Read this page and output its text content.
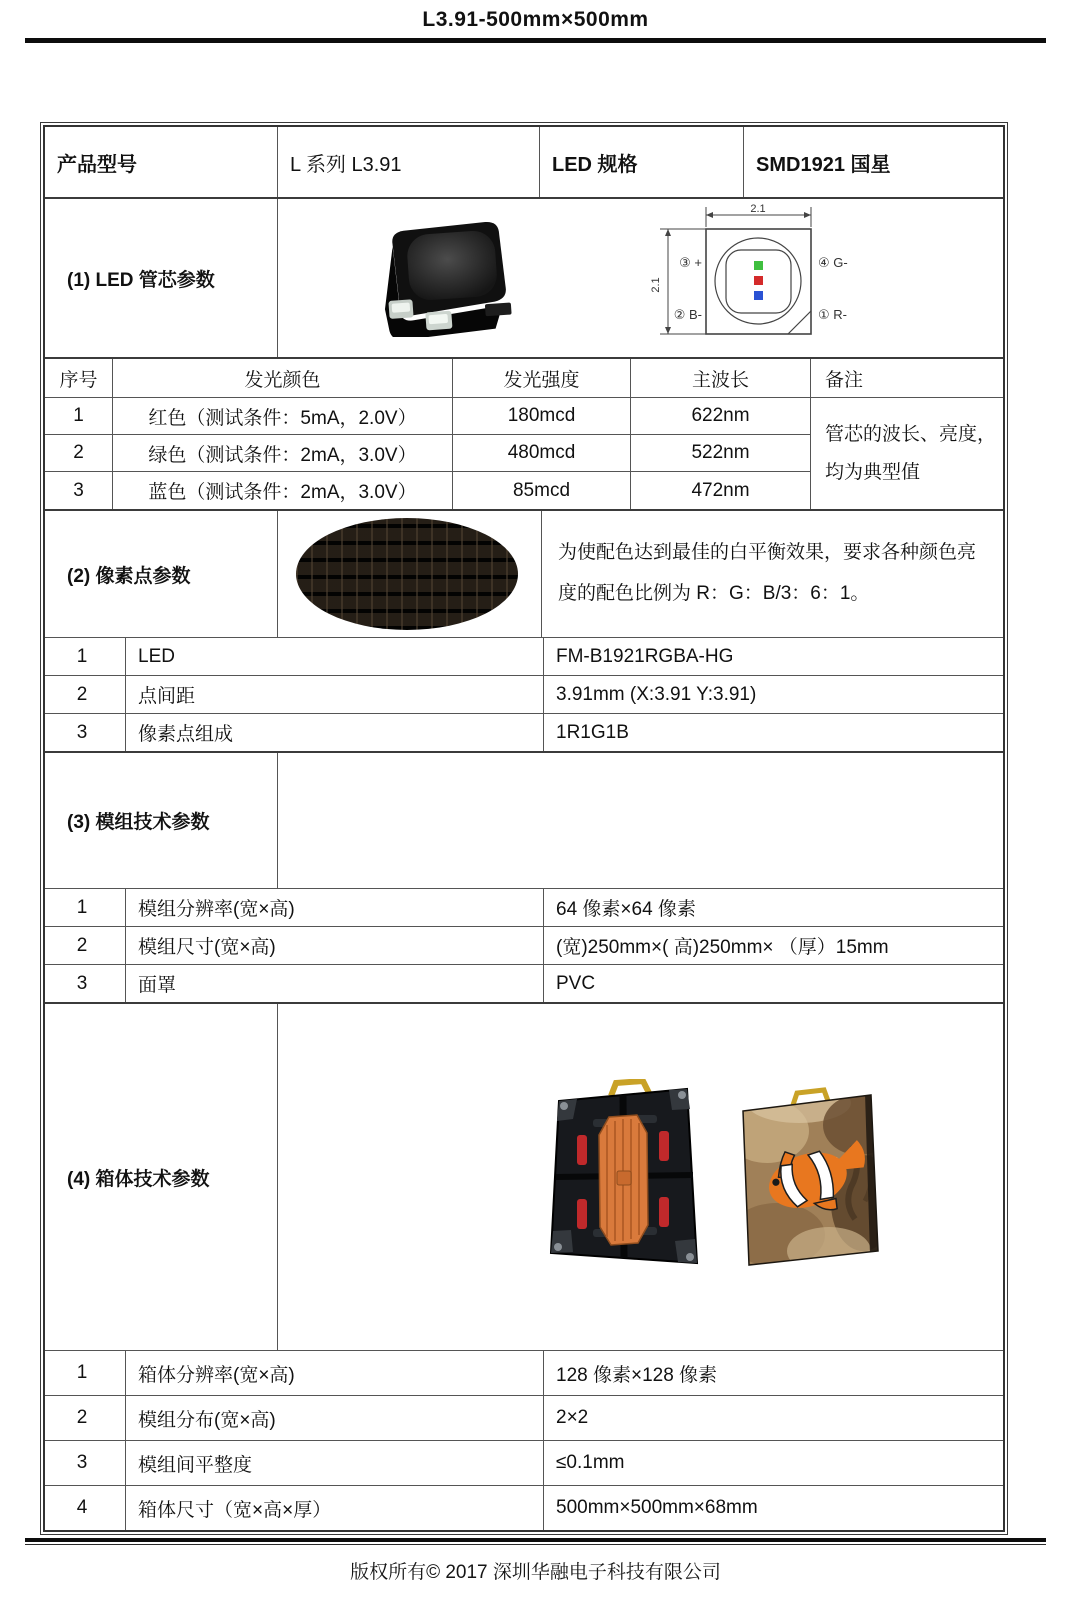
L3.91-500mm×500mm
产品型号	L 系列 L3.91	LED 规格	SMD1921 国星
(1) LED 管芯参数
2.1
2.1
③ +
② B-
④ G-
① R-
序号	发光颜色	发光强度	主波长	备注
1	红色（测试条件：5mA，2.0V）	180mcd	622nm
2	绿色（测试条件：2mA，3.0V）	480mcd	522nm
3	蓝色（测试条件：2mA，3.0V）	85mcd	472nm
管芯的波长、亮度，均为典型值
(2) 像素点参数
为使配色达到最佳的白平衡效果，要求各种颜色亮度的配色比例为 R：G：B/3：6：1。
1	LED	FM-B1921RGBA-HG
2	点间距	3.91mm (X:3.91 Y:3.91)
3	像素点组成	1R1G1B
(3) 模组技术参数
1	模组分辨率(宽×高)	64 像素×64 像素
2	模组尺寸(宽×高)	(宽)250mm×( 高)250mm× （厚）15mm
3	面罩	PVC
(4) 箱体技术参数
1	箱体分辨率(宽×高)	128 像素×128 像素
2	模组分布(宽×高)	2×2
3	模组间平整度	≤0.1mm
4	箱体尺寸（宽×高×厚）	500mm×500mm×68mm
版权所有© 2017 深圳华融电子科技有限公司
